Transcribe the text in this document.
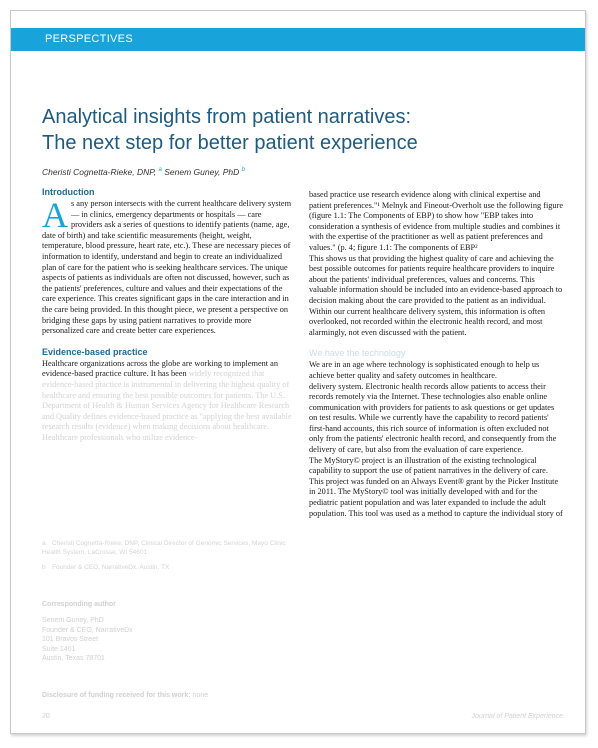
PERSPECTIVES
Analytical insights from patient narratives:
The next step for better patient experience
Cheristi Cognetta-Rieke, DNP, $^a$ Senem Guney, PhD $^b$
Introduction

A s any person intersects with the current healthcare delivery system — in clinics, emergency departments or hospitals — care providers ask a series of questions to identify patients (name, age, date of birth) and take scientific measurements (height, weight, temperature, blood pressure, heart rate, etc.). These are necessary pieces of information to identify, understand and begin to create an individualized plan of care for the patient who is seeking healthcare services. The unique aspects of patients as individuals are often not discussed, however, such as the patients' preferences, culture and values and their expectations of the care experience. This creates significant gaps in the care interaction and in the care being provided. In this thought piece, we present a perspective on bridging these gaps by using patient narratives to provide more personalized care and create better care experiences.

Evidence-based practice

Healthcare organizations across the globe are working to implement an evidence-based practice culture. It has been widely recognized that evidence-based practice is instrumental in delivering the highest quality of healthcare and ensuring the best possible outcomes for patients. The U.S. Department of Health & Human Services Agency for Healthcare Research and Quality defines evidence-based practice as "applying the best available research results (evidence) when making decisions about healthcare. Healthcare professionals who utilize evidence-

a Cheristi Cognetta-Rieke, DNP, Clinical Director of Genomic Services, Mayo Clinic Health System, LaCrosse, WI 54601

b Founder & CEO, NarrativeDx, Austin, TX

Corresponding author
Senem Guney, PhD
Founder & CEO, NarrativeDx
101 Bravos Street
Suite 1401
Austin, Texas 78701
Disclosure of funding received for this work: none

based practice use research evidence along with clinical expertise and patient preferences."¹ Melnyk and Fineout-Overholt use the following figure (figure 1.1: The Components of EBP) to show how "EBP takes into consideration a synthesis of evidence from multiple studies and combines it with the expertise of the practitioner as well as patient preferences and values." (p. 4; figure 1.1: The components of EBP²

This shows us that providing the highest quality of care and achieving the best possible outcomes for patients require healthcare providers to inquire about the patients' individual preferences, values and concerns. This valuable information should be included into an evidence-based approach to decision making about the care provided to the patient as an individual. Within our current healthcare delivery system, this information is often overlooked, not recorded within the electronic health record, and most alarmingly, not even discussed with the patient.

We have the technology

We are in an age where technology is sophisticated enough to help us achieve better quality and safety outcomes in healthcare.

delivery system. Electronic health records allow patients to access their records remotely via the Internet. These technologies also enable online communication with providers for patients to ask questions or get updates on test results. While we currently have the capability to record patients' first-hand accounts, this rich source of information is often excluded not only from the patients' electronic health record, and consequently from the delivery of care, but also from the evaluation of care experience.

The MyStory© project is an illustration of the existing technological capability to support the use of patient narratives in the delivery of care. This project was funded on an Always Event® grant by the Picker Institute in 2011. The MyStory© tool was initially developed with and for the pediatric patient population and was later expanded to include the adult population. This tool was used as a method to capture the individual story of

20	Journal of Patient Experience
